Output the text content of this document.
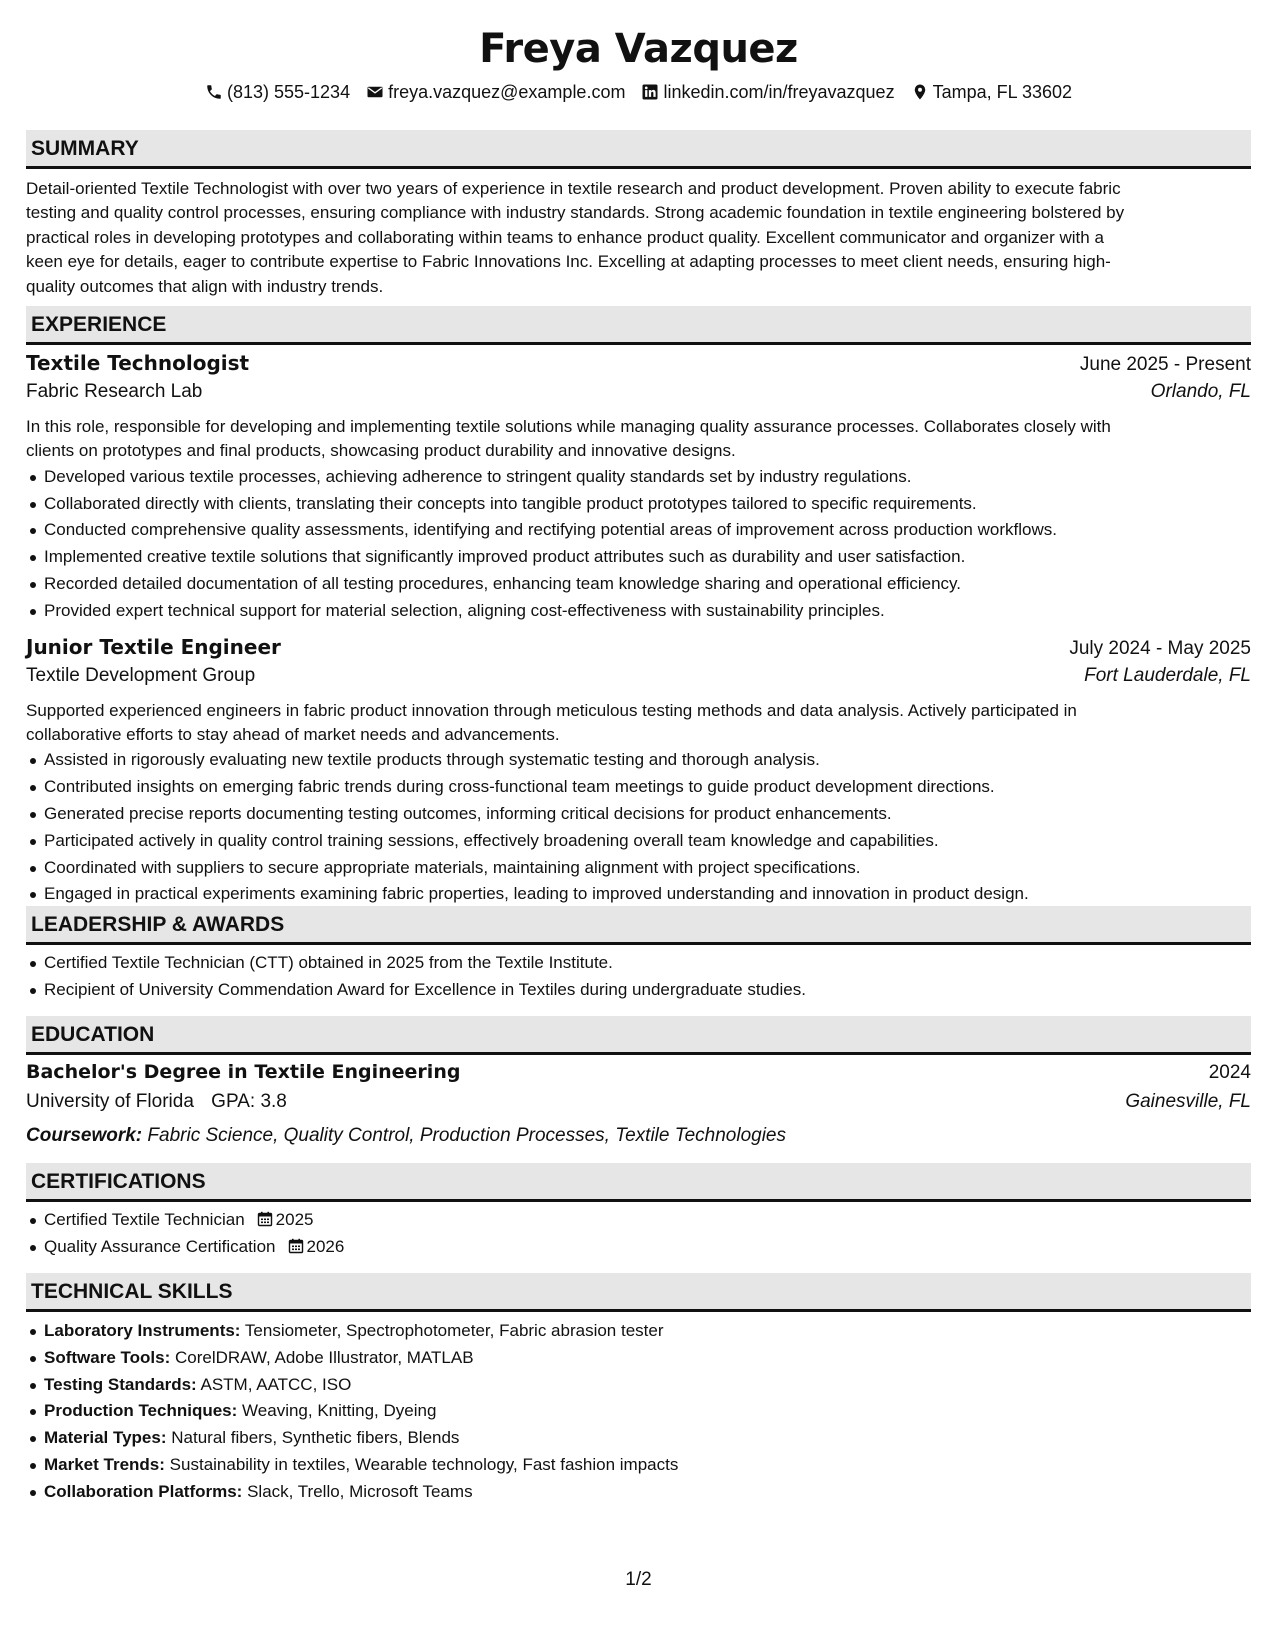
Freya Vazquez
(813) 555-1234 freya.vazquez@example.com linkedin.com/in/freyavazquez Tampa, FL 33602
SUMMARY
Detail-oriented Textile Technologist with over two years of experience in textile research and product development. Proven ability to execute fabric
testing and quality control processes, ensuring compliance with industry standards. Strong academic foundation in textile engineering bolstered by
practical roles in developing prototypes and collaborating within teams to enhance product quality. Excellent communicator and organizer with a
keen eye for details, eager to contribute expertise to Fabric Innovations Inc. Excelling at adapting processes to meet client needs, ensuring high-
quality outcomes that align with industry trends.
EXPERIENCE
Textile Technologist	June 2025 - Present
Fabric Research Lab	Orlando, FL
In this role, responsible for developing and implementing textile solutions while managing quality assurance processes. Collaborates closely with
clients on prototypes and final products, showcasing product durability and innovative designs.
Developed various textile processes, achieving adherence to stringent quality standards set by industry regulations.
Collaborated directly with clients, translating their concepts into tangible product prototypes tailored to specific requirements.
Conducted comprehensive quality assessments, identifying and rectifying potential areas of improvement across production workflows.
Implemented creative textile solutions that significantly improved product attributes such as durability and user satisfaction.
Recorded detailed documentation of all testing procedures, enhancing team knowledge sharing and operational efficiency.
Provided expert technical support for material selection, aligning cost-effectiveness with sustainability principles.
Junior Textile Engineer	July 2024 - May 2025
Textile Development Group	Fort Lauderdale, FL
Supported experienced engineers in fabric product innovation through meticulous testing methods and data analysis. Actively participated in
collaborative efforts to stay ahead of market needs and advancements.
Assisted in rigorously evaluating new textile products through systematic testing and thorough analysis.
Contributed insights on emerging fabric trends during cross-functional team meetings to guide product development directions.
Generated precise reports documenting testing outcomes, informing critical decisions for product enhancements.
Participated actively in quality control training sessions, effectively broadening overall team knowledge and capabilities.
Coordinated with suppliers to secure appropriate materials, maintaining alignment with project specifications.
Engaged in practical experiments examining fabric properties, leading to improved understanding and innovation in product design.
LEADERSHIP & AWARDS
Certified Textile Technician (CTT) obtained in 2025 from the Textile Institute.
Recipient of University Commendation Award for Excellence in Textiles during undergraduate studies.
EDUCATION
Bachelor's Degree in Textile Engineering	2024
University of Florida GPA: 3.8	Gainesville, FL
Coursework: Fabric Science, Quality Control, Production Processes, Textile Technologies
CERTIFICATIONS
Certified Textile Technician 2025
Quality Assurance Certification 2026
TECHNICAL SKILLS
Laboratory Instruments: Tensiometer, Spectrophotometer, Fabric abrasion tester
Software Tools: CorelDRAW, Adobe Illustrator, MATLAB
Testing Standards: ASTM, AATCC, ISO
Production Techniques: Weaving, Knitting, Dyeing
Material Types: Natural fibers, Synthetic fibers, Blends
Market Trends: Sustainability in textiles, Wearable technology, Fast fashion impacts
Collaboration Platforms: Slack, Trello, Microsoft Teams
1/2
